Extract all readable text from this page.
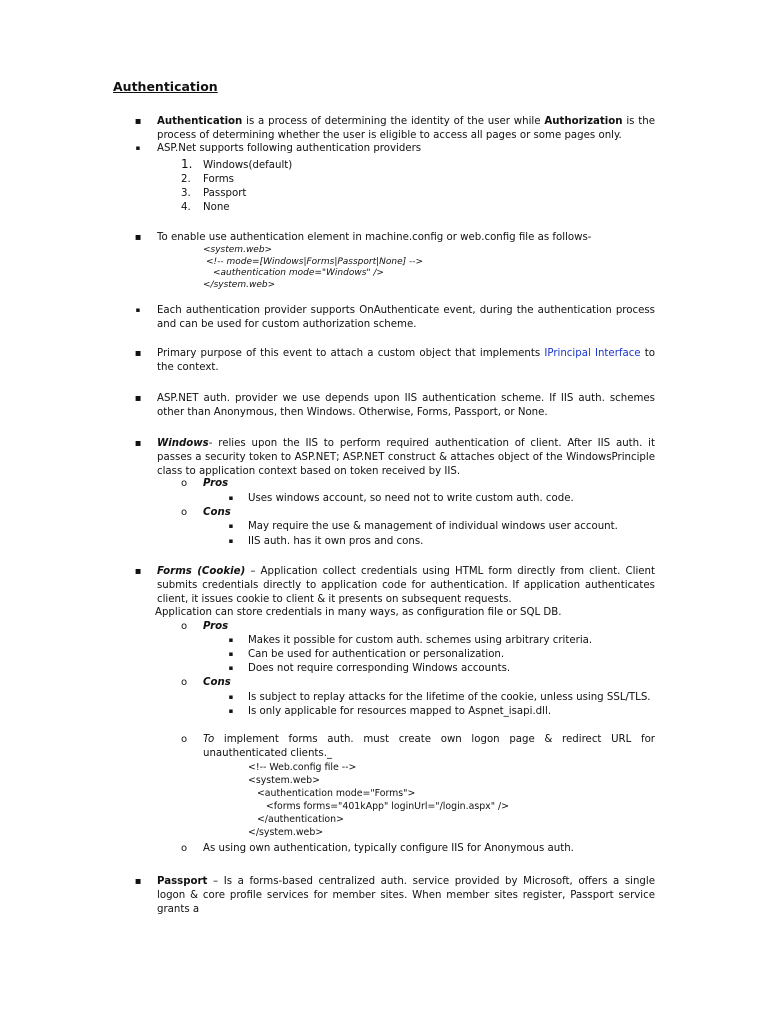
Authentication
▪

Authentication is a process of determining the identity of the user while Authorization is the process of determining whether the user is eligible to access all pages or some pages only.

▪
ASP.Net supports following authentication providers
1. Windows(default)
2.	Forms
3.	Passport
4.	None
▪
To enable use authentication element in machine.config or web.config file as follows-
<system.web>
<!-- mode=[Windows|Forms|Passport|None] -->
<authentication mode="Windows" />
</system.web>
▪
Each authentication provider supports OnAuthenticate event, during the authentication process and can be used for custom authorization scheme.
▪

Primary purpose of this event to attach a custom object that implements IPrincipal Interface to the context.

▪
ASP.NET auth. provider we use depends upon IIS authentication scheme. If IIS auth. schemes other than Anonymous, then Windows. Otherwise, Forms, Passport, or None.
▪

Windows- relies upon the IIS to perform required authentication of client. After IIS auth. it passes a security token to ASP.NET; ASP.NET construct & attaches object of the WindowsPrinciple class to application context based on token received by IIS.

o	Pros
▪
Uses windows account, so need not to write custom auth. code.
o	Cons
▪
May require the use & management of individual windows user account.
▪
IIS auth. has it own pros and cons.
▪

Forms (Cookie) – Application collect credentials using HTML form directly from client. Client submits credentials directly to application code for authentication. If application authenticates client, it issues cookie to client & it presents on subsequent requests.

Application can store credentials in many ways, as configuration file or SQL DB.
o	Pros
▪
Makes it possible for custom auth. schemes using arbitrary criteria.
▪
Can be used for authentication or personalization.
▪
Does not require corresponding Windows accounts.
o	Cons
▪
Is subject to replay attacks for the lifetime of the cookie, unless using SSL/TLS.
▪
Is only applicable for resources mapped to Aspnet_isapi.dll.
o	To implement forms auth. must create own logon page & redirect URL for unauthenticated clients._
<!-- Web.config file -->
<system.web>
<authentication mode="Forms">
<forms forms="401kApp" loginUrl="/login.aspx" />
</authentication>
</system.web>
o	As using own authentication, typically configure IIS for Anonymous auth.
▪

Passport – Is a forms-based centralized auth. service provided by Microsoft, offers a single logon & core profile services for member sites. When member sites register, Passport service grants a
